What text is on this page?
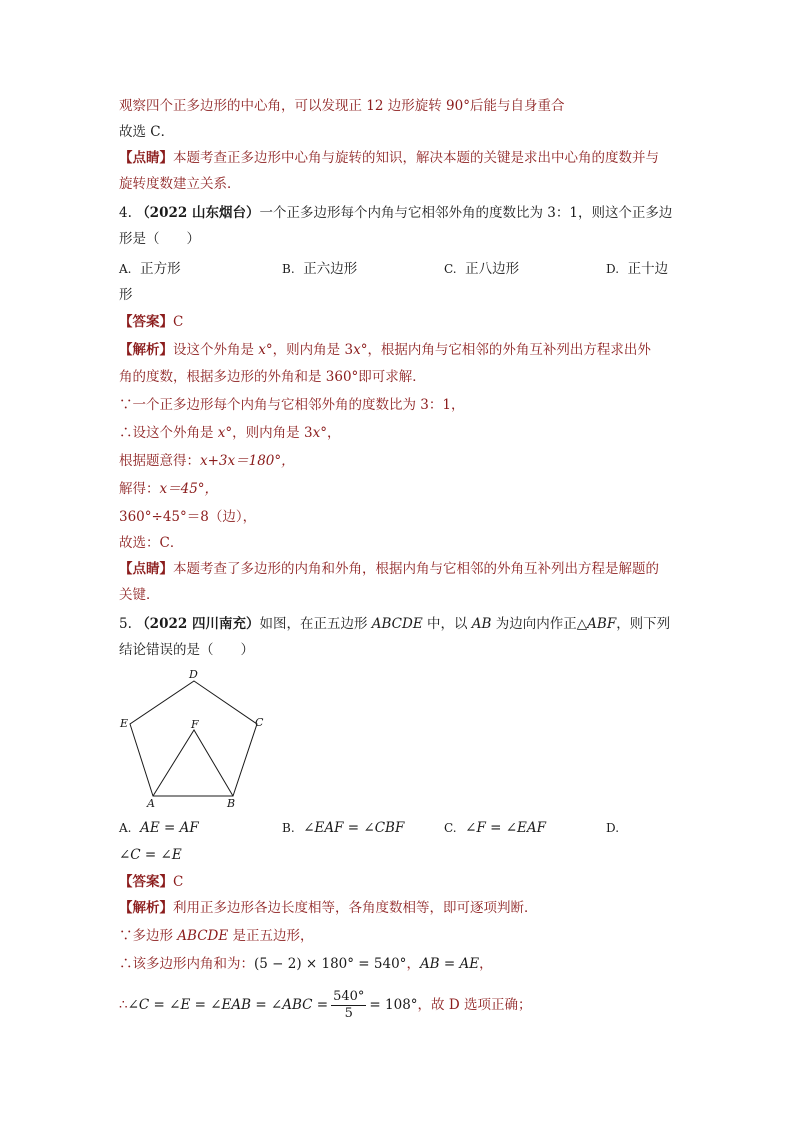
观察四个正多边形的中心角，可以发现正 12 边形旋转 90°后能与自身重合
故选 C．
【点睛】本题考查正多边形中心角与旋转的知识，解决本题的关键是求出中心角的度数并与
旋转度数建立关系．
4. （2022 山东烟台）一个正多边形每个内角与它相邻外角的度数比为 3：1，则这个正多边
形是（　　）
A. 正方形	B. 正六边形	C. 正八边形	D. 正十边
形
【答案】C
【解析】设这个外角是 x°，则内角是 3x°，根据内角与它相邻的外角互补列出方程求出外
角的度数，根据多边形的外角和是 360°即可求解．
∵一个正多边形每个内角与它相邻外角的度数比为 3：1，
∴设这个外角是 x°，则内角是 3x°，
根据题意得：x+3x＝180°，
解得：x＝45°，
360°÷45°＝8（边），
故选：C．
【点睛】本题考查了多边形的内角和外角，根据内角与它相邻的外角互补列出方程是解题的
关键．
5. （2022 四川南充）如图，在正五边形 ABCDE 中，以 AB 为边向内作正△ABF，则下列
结论错误的是（　　）
D
E	C
F
A	B
A. AE = AF	B. ∠EAF = ∠CBF	C. ∠F = ∠EAF	D.
∠C = ∠E
【答案】C
【解析】利用正多边形各边长度相等，各角度数相等，即可逐项判断．
∵多边形 ABCDE 是正五边形，
∴该多边形内角和为：(5 − 2) × 180° = 540°，AB = AE，
∴∠C = ∠E = ∠EAB = ∠ABC = $\frac{540^\circ}{5} = 108^\circ$，故 D 选项正确；
